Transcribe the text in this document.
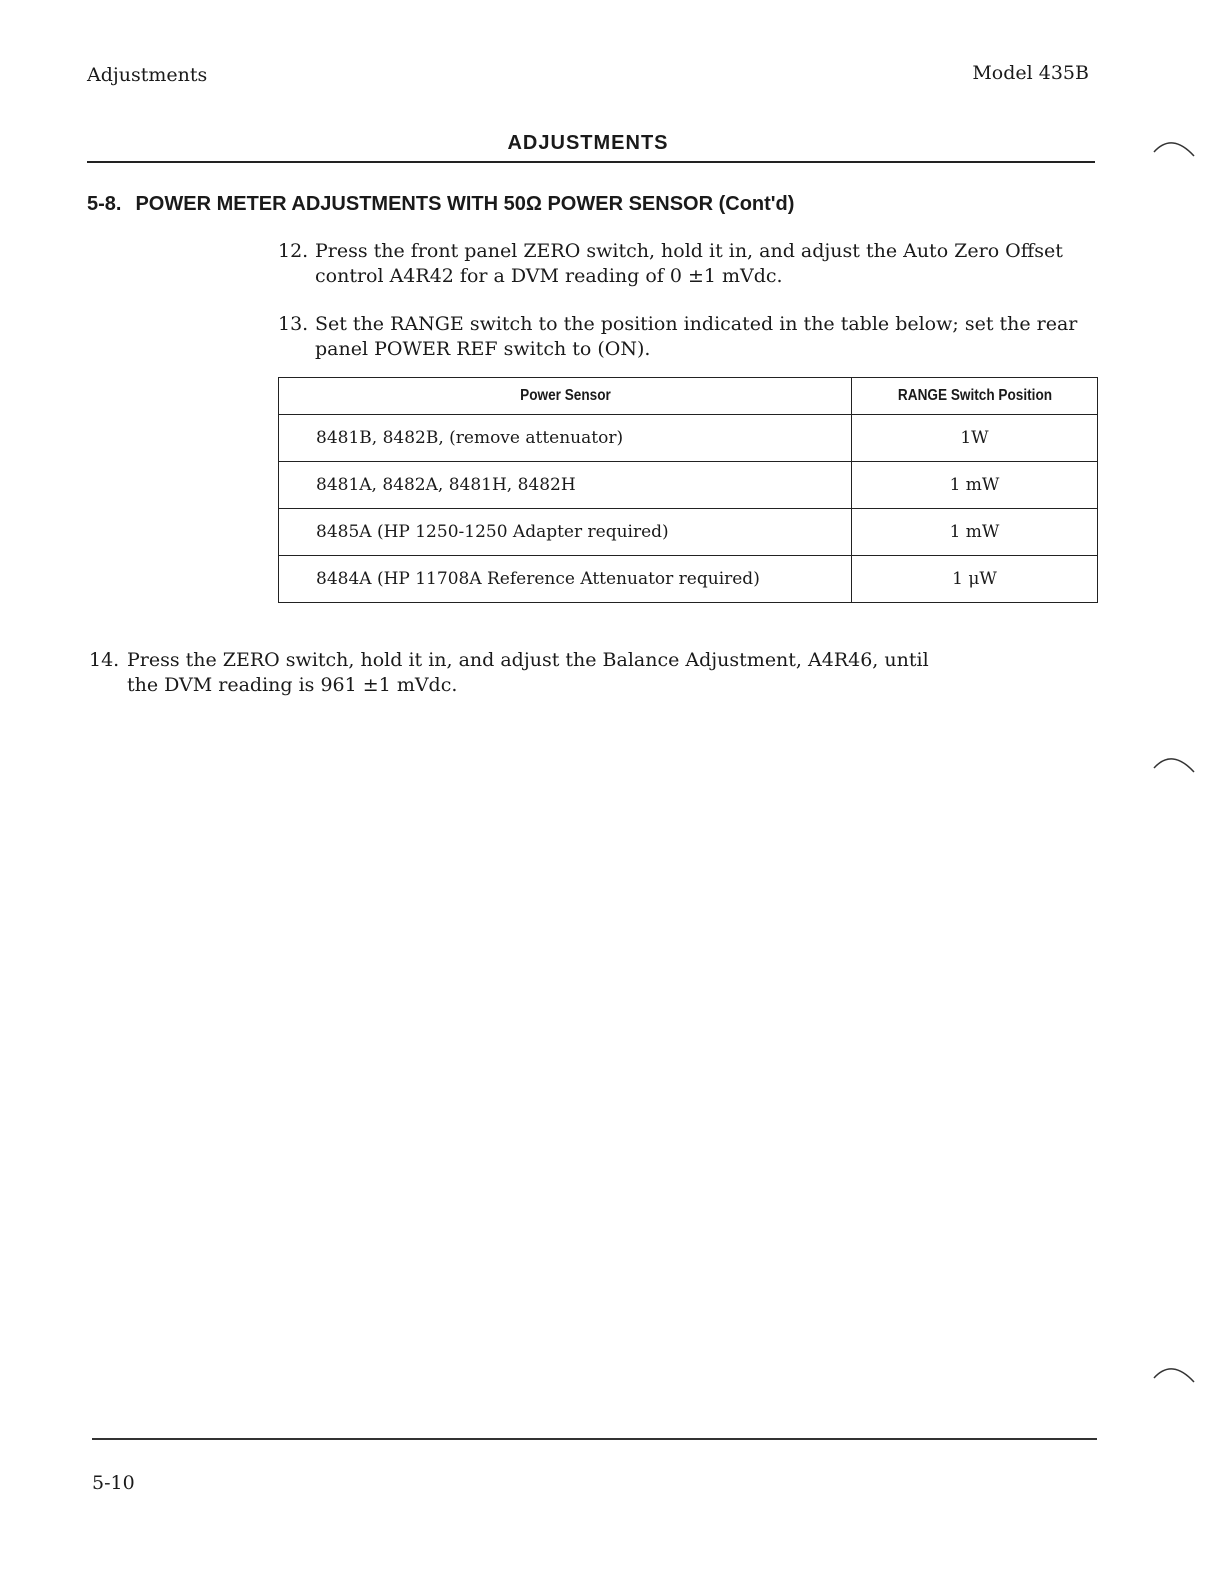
Adjustments	Model 435B
ADJUSTMENTS
5-8. POWER METER ADJUSTMENTS WITH 50Ω POWER SENSOR (Cont'd)
12. Press the front panel ZERO switch, hold it in, and adjust the Auto Zero Offset control A4R42 for a DVM reading of 0 ±1 mVdc.
13. Set the RANGE switch to the position indicated in the table below; set the rear panel POWER REF switch to (ON).
Power Sensor	RANGE Switch Position
8481B, 8482B, (remove attenuator)	1W
8481A, 8482A, 8481H, 8482H	1 mW
8485A (HP 1250-1250 Adapter required)	1 mW
8484A (HP 11708A Reference Attenuator required)	1 μW
14. Press the ZERO switch, hold it in, and adjust the Balance Adjustment, A4R46, until the DVM reading is 961 ±1 mVdc.
5-10
